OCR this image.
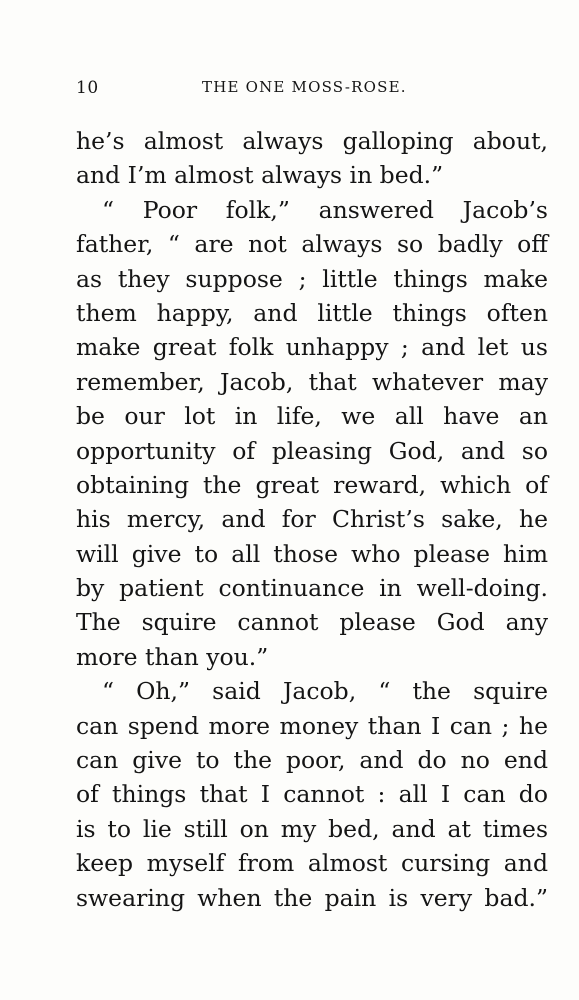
10	THE ONE MOSS-ROSE.
he’s almost always galloping about,
and I’m almost always in bed.”
“ Poor folk,” answered Jacob’s
father, “ are not always so badly off
as they suppose ; little things make
them happy, and little things often
make great folk unhappy ; and let us
remember, Jacob, that whatever may
be our lot in life, we all have an
opportunity of pleasing God, and so
obtaining the great reward, which of
his mercy, and for Christ’s sake, he
will give to all those who please him
by patient continuance in well-doing.
The squire cannot please God any
more than you.”
“ Oh,” said Jacob, “ the squire
can spend more money than I can ; he
can give to the poor, and do no end
of things that I cannot : all I can do
is to lie still on my bed, and at times
keep myself from almost cursing and
swearing when the pain is very bad.”
